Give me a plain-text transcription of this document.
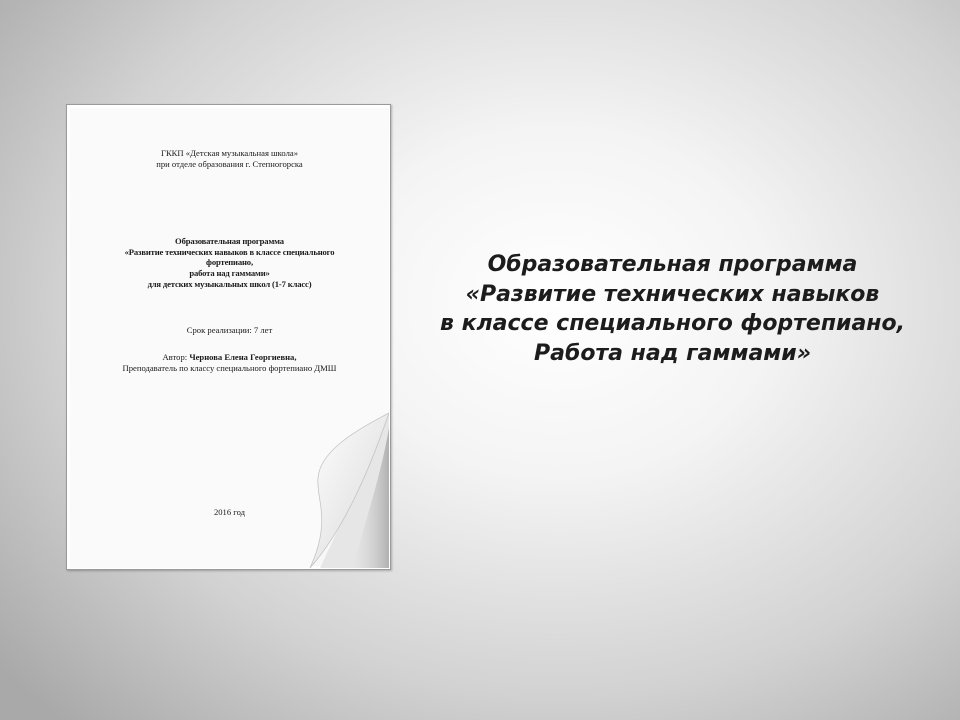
ГККП «Детская музыкальная школа»
при отделе образования г. Степногорска
Образовательная программа
«Развитие технических навыков в классе специального
фортепиано,
работа над гаммами»
для детских музыкальных школ (1-7 класс)
Срок реализации: 7 лет
Автор: Чернова Елена Георгиевна,
Преподаватель по классу специального фортепиано ДМШ
2016 год
Образовательная программа
«Развитие технических навыков
в классе специального фортепиано,
Работа над гаммами»
